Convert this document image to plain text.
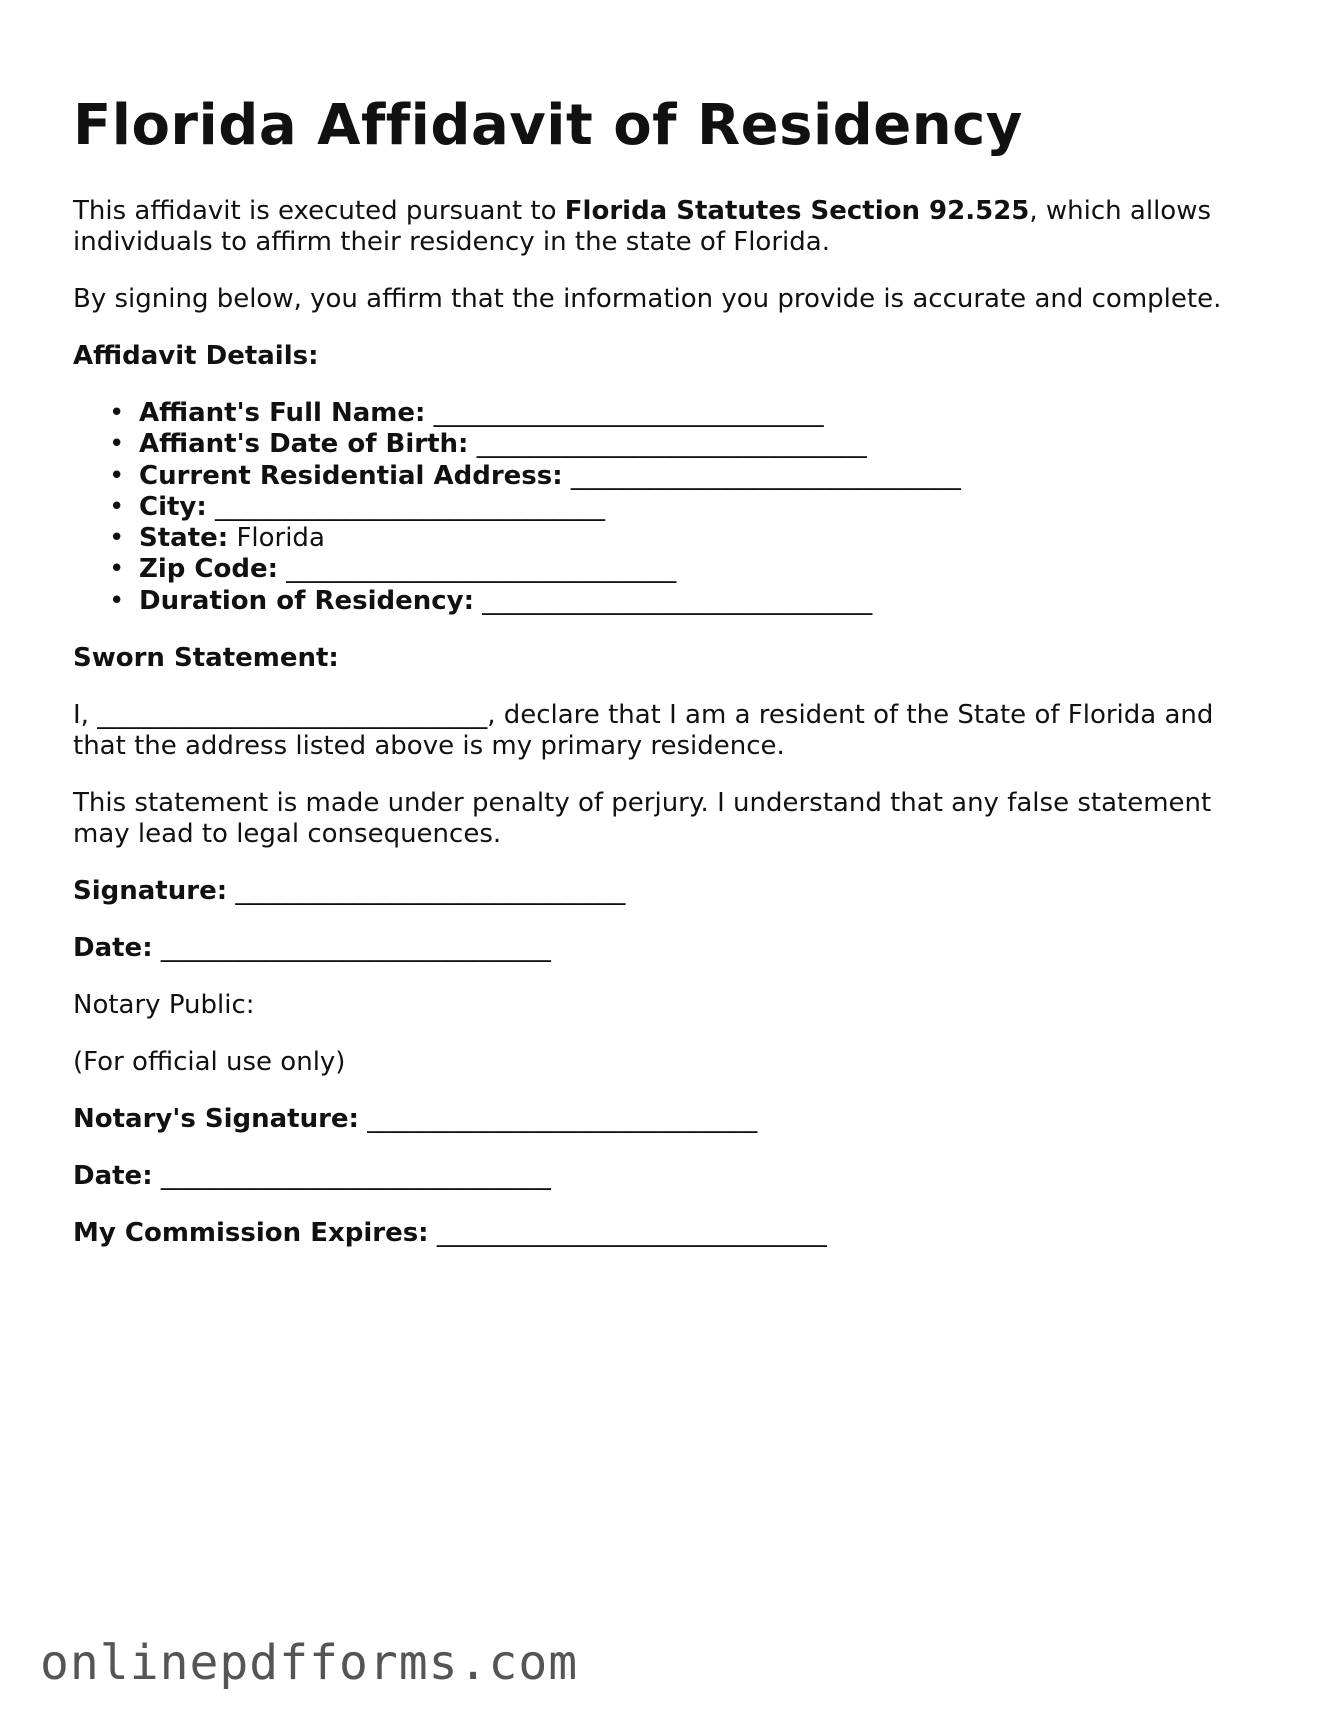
Florida Affidavit of Residency

This affidavit is executed pursuant to Florida Statutes Section 92.525, which allows individuals to affirm their residency in the state of Florida.

By signing below, you affirm that the information you provide is accurate and complete.

Affidavit Details:

• Affiant's Full Name: ______________________________
• Affiant's Date of Birth: ______________________________
• Current Residential Address: ______________________________
• City: ______________________________
• State: Florida
• Zip Code: ______________________________
• Duration of Residency: ______________________________

Sworn Statement:

I, ______________________________, declare that I am a resident of the State of Florida and that the address listed above is my primary residence.

This statement is made under penalty of perjury. I understand that any false statement may lead to legal consequences.

Signature: ______________________________

Date: ______________________________

Notary Public:

(For official use only)

Notary's Signature: ______________________________

Date: ______________________________

My Commission Expires: ______________________________

onlinepdfforms.com
